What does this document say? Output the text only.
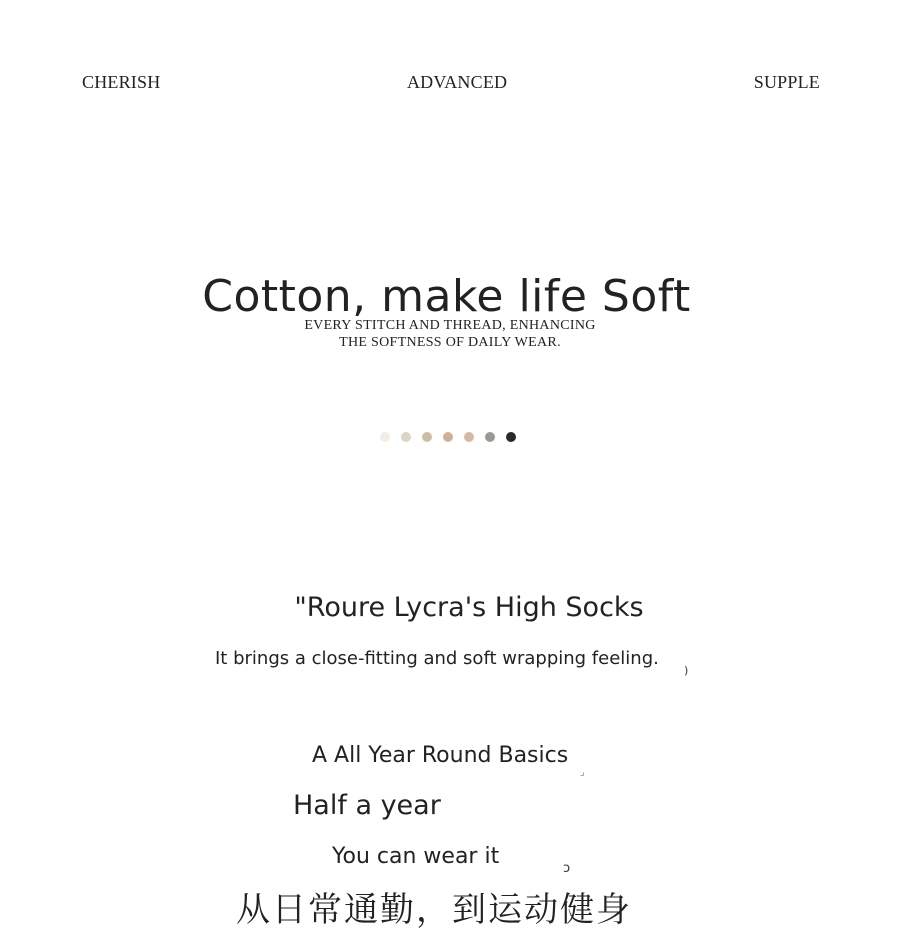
CHERISH	ADVANCED	SUPPLE
Cotton, make life Soft
EVERY STITCH AND THREAD, ENHANCING
THE SOFTNESS OF DAILY WEAR.
"Roure Lycra's High Socks
It brings a close-fitting and soft wrapping feeling.
)
A All Year Round Basics
⌟
Half a year
You can wear it	ↄ
从日常通勤，到运动健身
